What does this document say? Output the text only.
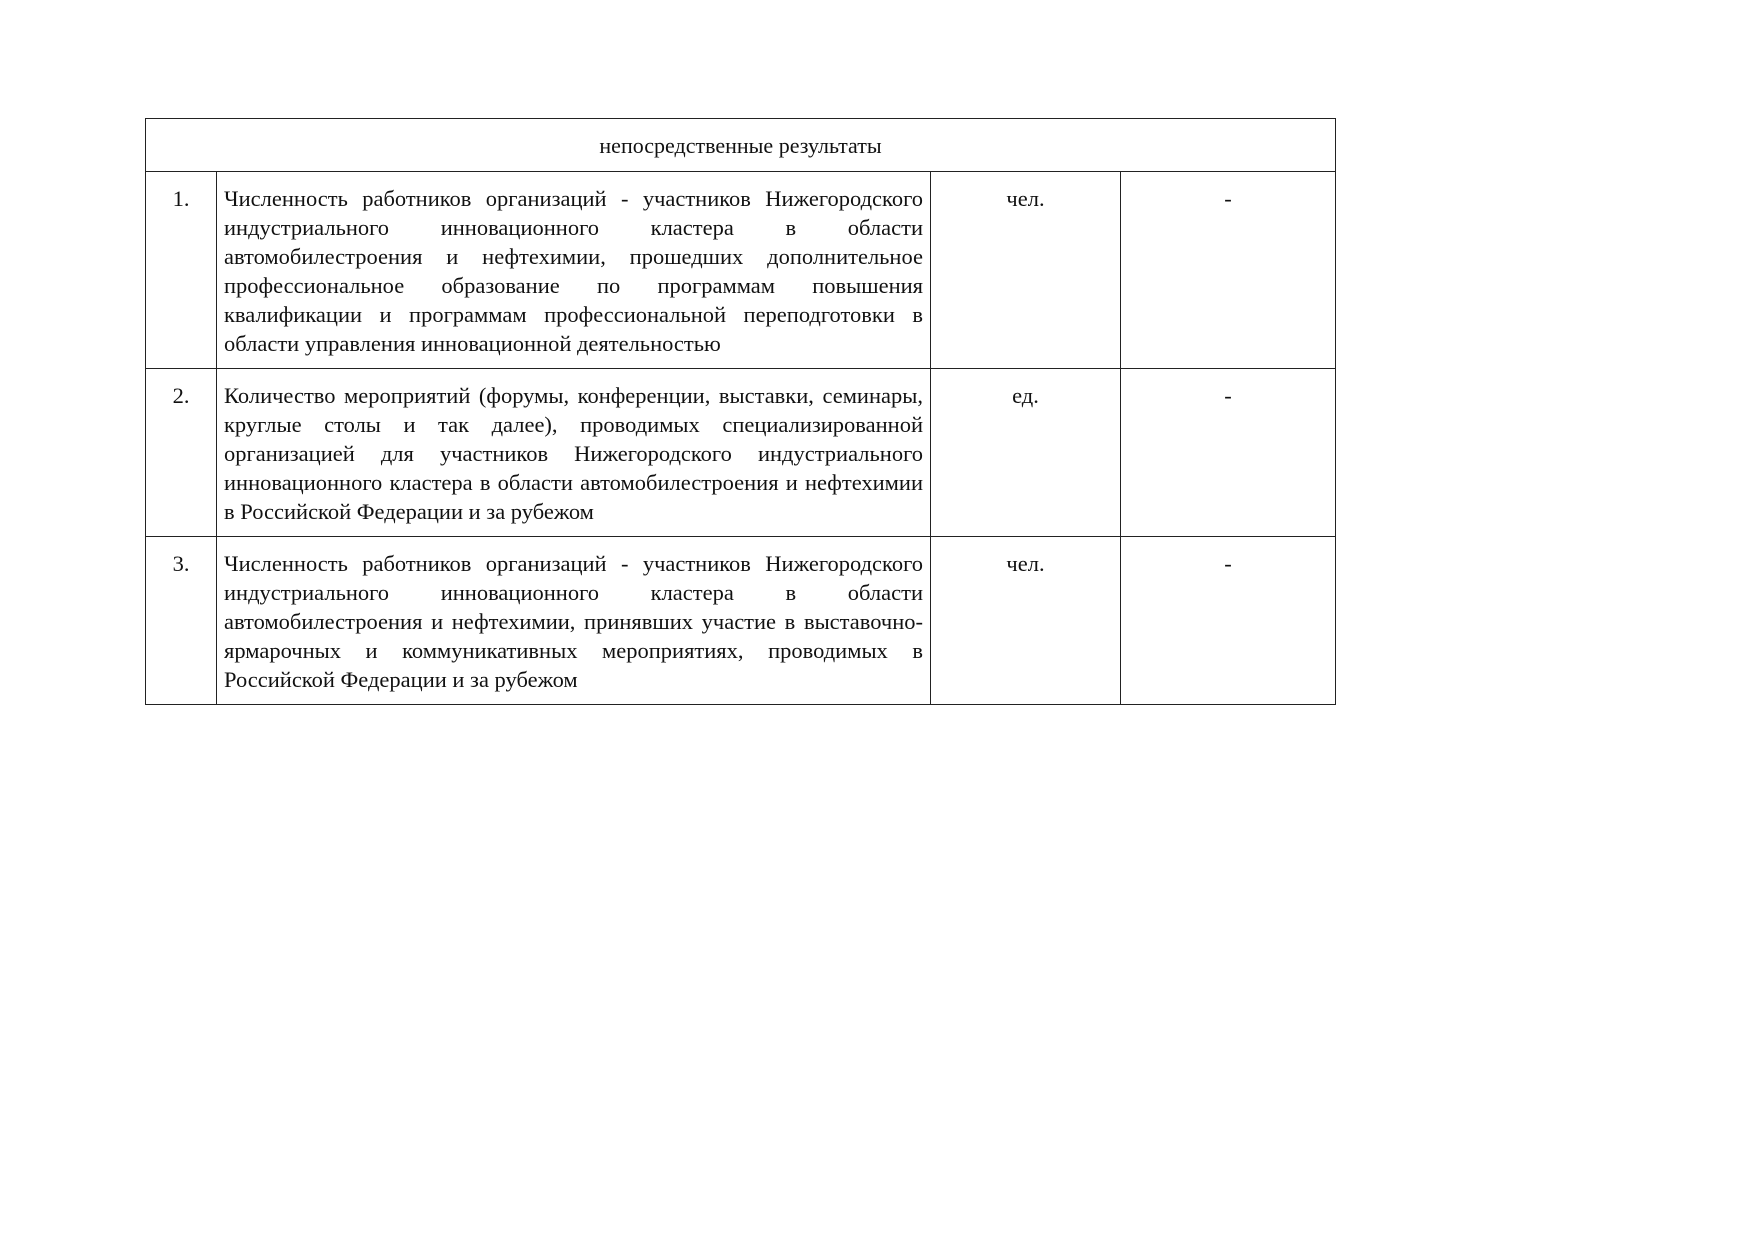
непосредственные результаты			
1.	Численность работников организаций - участников Нижегородского индустриального инновационного кластера в области автомобилестроения и нефтехимии, прошедших дополнительное профессиональное образование по программам повышения квалификации и программам профессиональной переподготовки в области управления инновационной деятельностью	чел.	-
2.	Количество мероприятий (форумы, конференции, выставки, семинары, круглые столы и так далее), проводимых специализированной организацией для участников Нижегородского индустриального инновационного кластера в области автомобилестроения и нефтехимии в Российской Федерации и за рубежом	ед.	-
3.	Численность работников организаций - участников Нижегородского индустриального инновационного кластера в области автомобилестроения и нефтехимии, принявших участие в выставочно-ярмарочных и коммуникативных мероприятиях, проводимых в Российской Федерации и за рубежом	чел.	-
